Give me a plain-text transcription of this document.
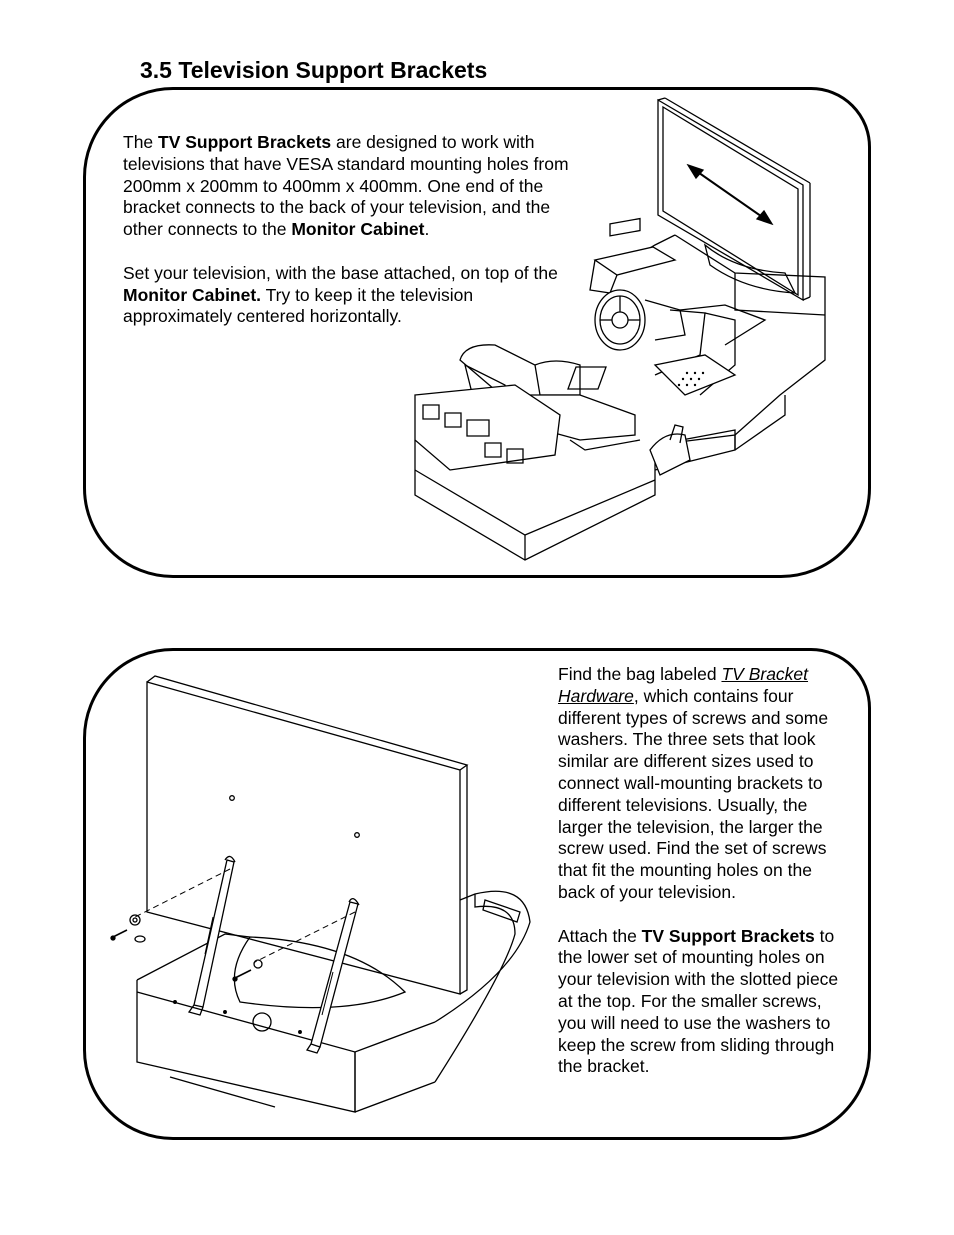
3.5 Television Support Brackets

The TV Support Brackets are designed to work with televisions that have VESA standard mounting holes from 200mm x 200mm to 400mm x 400mm. One end of the bracket connects to the back of your television, and the other connects to the Monitor Cabinet.

Set your television, with the base attached, on top of the Monitor Cabinet. Try to keep it the television approximately centered horizontally.

Find the bag labeled TV Bracket Hardware, which contains four different types of screws and some washers. The three sets that look similar are different sizes used to connect wall-mounting brackets to different televisions. Usually, the larger the television, the larger the screw used. Find the set of screws that fit the mounting holes on the back of your television.

Attach the TV Support Brackets to the lower set of mounting holes on your television with the slotted piece at the top. For the smaller screws, you will need to use the washers to keep the screw from sliding through the bracket.
